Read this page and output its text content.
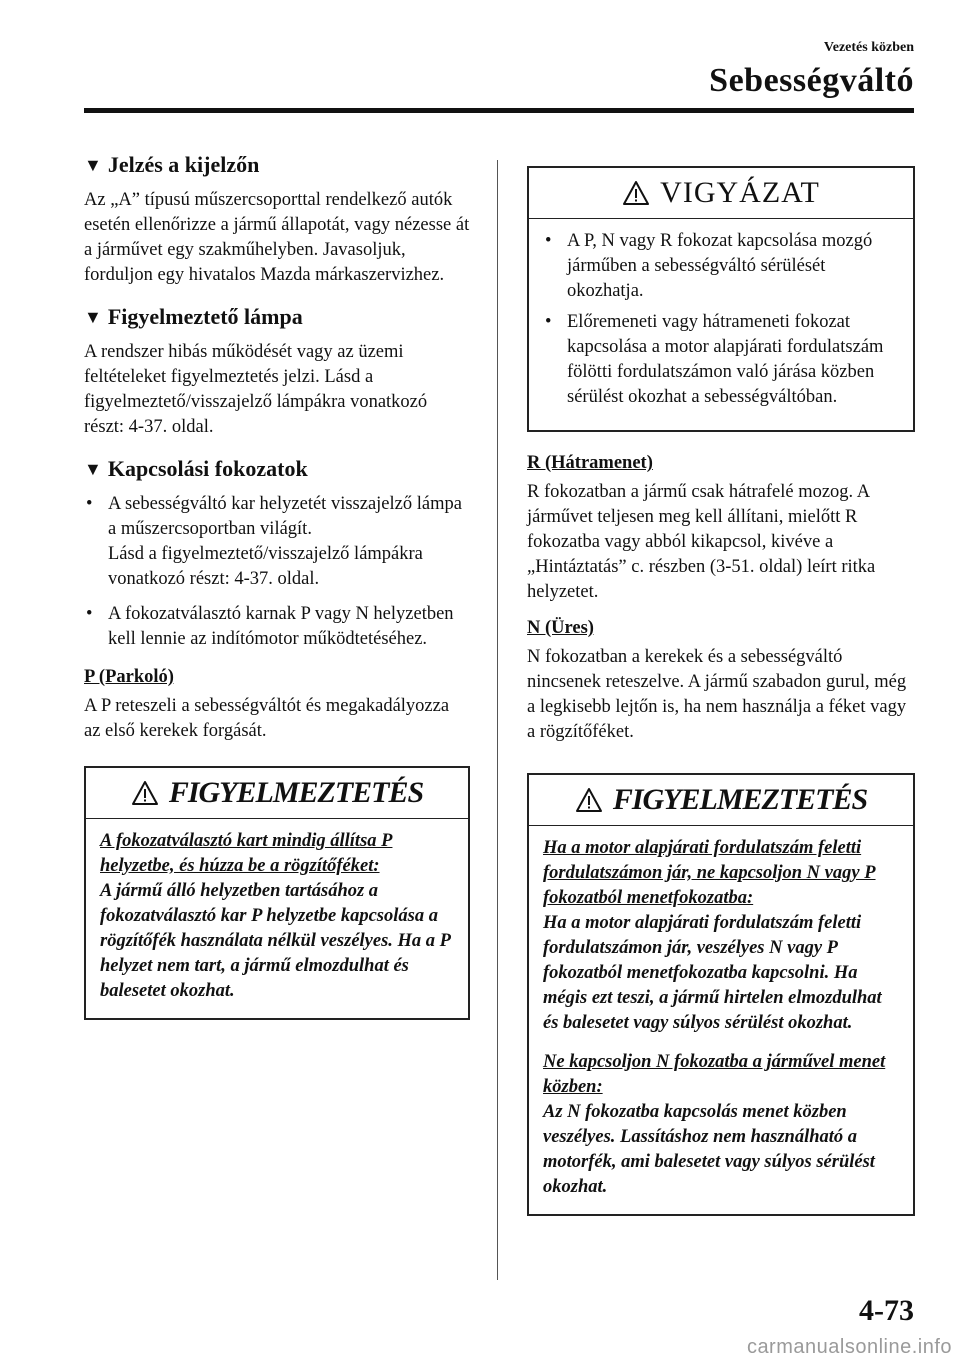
Vezetés közben
Sebességváltó
▼ Jelzés a kijelzőn

Az „A” típusú műszercsoporttal rendelkező autók esetén ellenőrizze a jármű állapotát, vagy nézesse át a járművet egy szakműhelyben. Javasoljuk, forduljon egy hivatalos Mazda márkaszervizhez.

▼ Figyelmeztető lámpa

A rendszer hibás működését vagy az üzemi feltételeket figyelmeztetés jelzi. Lásd a figyelmeztető/visszajelző lámpákra vonatkozó részt: 4-37. oldal.

▼ Kapcsolási fokozatok
• A sebességváltó kar helyzetét visszajelző lámpa a műszercsoportban világít.
Lásd a figyelmeztető/visszajelző lámpákra vonatkozó részt: 4-37. oldal.
• A fokozatválasztó karnak P vagy N helyzetben kell lennie az indítómotor működtetéséhez.
P (Parkoló)

A P reteszeli a sebességváltót és megakadályozza az első kerekek forgását.

FIGYELMEZTETÉS

A fokozatválasztó kart mindig állítsa P helyzetbe, és húzza be a rögzítőféket:

A jármű álló helyzetben tartásához a fokozatválasztó kar P helyzetbe kapcsolása a rögzítőfék használata nélkül veszélyes. Ha a P helyzet nem tart, a jármű elmozdulhat és balesetet okozhat.

VIGYÁZAT
• A P, N vagy R fokozat kapcsolása mozgó járműben a sebességváltó sérülését okozhatja.
• Előremeneti vagy hátrameneti fokozat kapcsolása a motor alapjárati fordulatszám fölötti fordulatszámon való járása közben sérülést okozhat a sebességváltóban.
R (Hátramenet)

R fokozatban a jármű csak hátrafelé mozog. A járművet teljesen meg kell állítani, mielőtt R fokozatba vagy abból kikapcsol, kivéve a „Hintáztatás” c. részben (3-51. oldal) leírt ritka helyzetet.

N (Üres)

N fokozatban a kerekek és a sebességváltó nincsenek reteszelve. A jármű szabadon gurul, még a legkisebb lejtőn is, ha nem használja a féket vagy a rögzítőféket.

FIGYELMEZTETÉS

Ha a motor alapjárati fordulatszám feletti fordulatszámon jár, ne kapcsoljon N vagy P fokozatból menetfokozatba:

Ha a motor alapjárati fordulatszám feletti fordulatszámon jár, veszélyes N vagy P fokozatból menetfokozatba kapcsolni. Ha mégis ezt teszi, a jármű hirtelen elmozdulhat és balesetet vagy súlyos sérülést okozhat.

Ne kapcsoljon N fokozatba a járművel menet közben:

Az N fokozatba kapcsolás menet közben veszélyes. Lassításhoz nem használható a motorfék, ami balesetet vagy súlyos sérülést okozhat.

4-73
carmanualsonline.info
